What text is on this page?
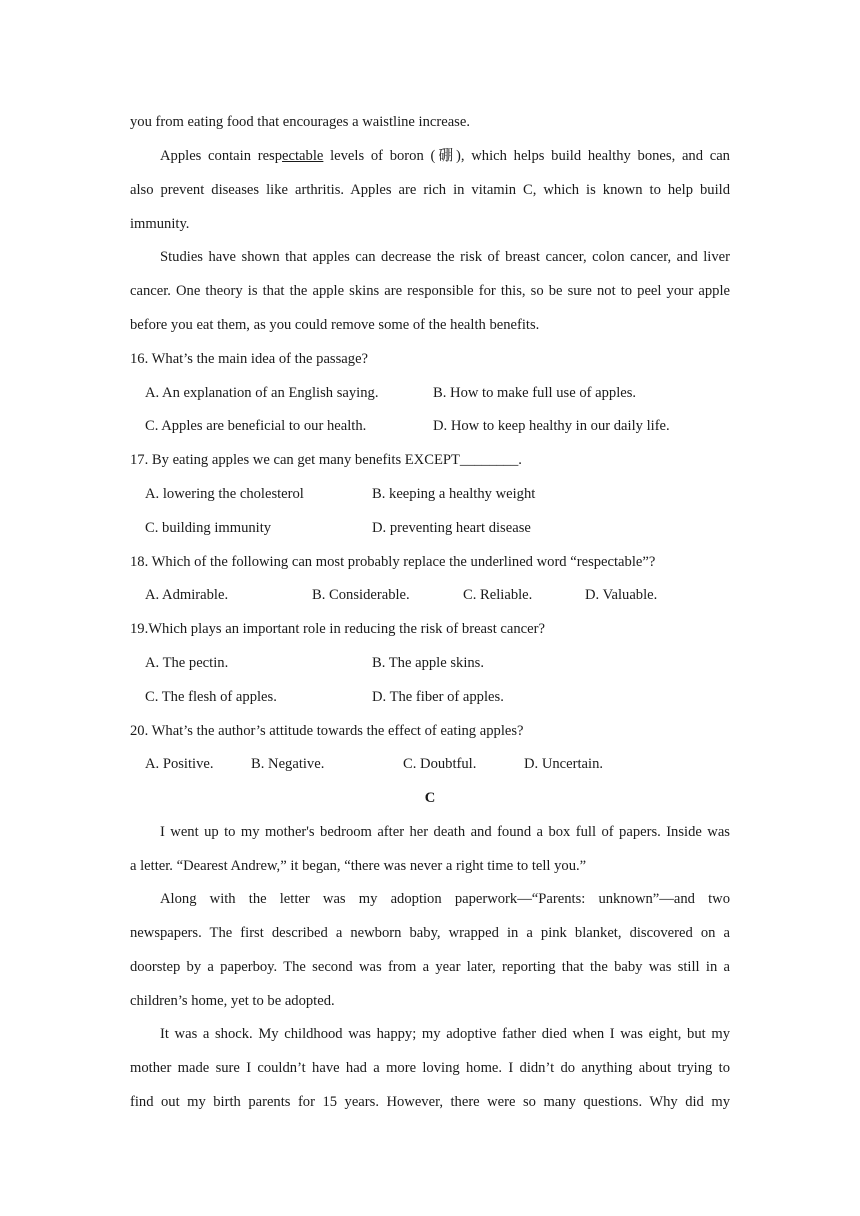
you from eating food that encourages a waistline increase.
Apples contain respectable levels of boron (硼), which helps build healthy bones, and can
also prevent diseases like arthritis. Apples are rich in vitamin C, which is known to help build
immunity.
Studies have shown that apples can decrease the risk of breast cancer, colon cancer, and liver
cancer. One theory is that the apple skins are responsible for this, so be sure not to peel your apple
before you eat them, as you could remove some of the health benefits.
16. What’s the main idea of the passage?
A. An explanation of an English saying.	B. How to make full use of apples.
C. Apples are beneficial to our health.	D. How to keep healthy in our daily life.
17. By eating apples we can get many benefits EXCEPT________.
A. lowering the cholesterol	B. keeping a healthy weight
C. building immunity	D. preventing heart disease
18. Which of the following can most probably replace the underlined word “respectable”?
A. Admirable.	B. Considerable.	C. Reliable.	D. Valuable.
19.Which plays an important role in reducing the risk of breast cancer?
A. The pectin.	B. The apple skins.
C. The flesh of apples.	D. The fiber of apples.
20. What’s the author’s attitude towards the effect of eating apples?
A. Positive.	B. Negative.	C. Doubtful.	D. Uncertain.
C
I went up to my mother's bedroom after her death and found a box full of papers. Inside was
a letter. “Dearest Andrew,” it began, “there was never a right time to tell you.”
Along with the letter was my adoption paperwork—“Parents: unknown”—and two
newspapers. The first described a newborn baby, wrapped in a pink blanket, discovered on a
doorstep by a paperboy. The second was from a year later, reporting that the baby was still in a
children’s home, yet to be adopted.
It was a shock. My childhood was happy; my adoptive father died when I was eight, but my
mother made sure I couldn’t have had a more loving home. I didn’t do anything about trying to
find out my birth parents for 15 years. However, there were so many questions. Why did my
